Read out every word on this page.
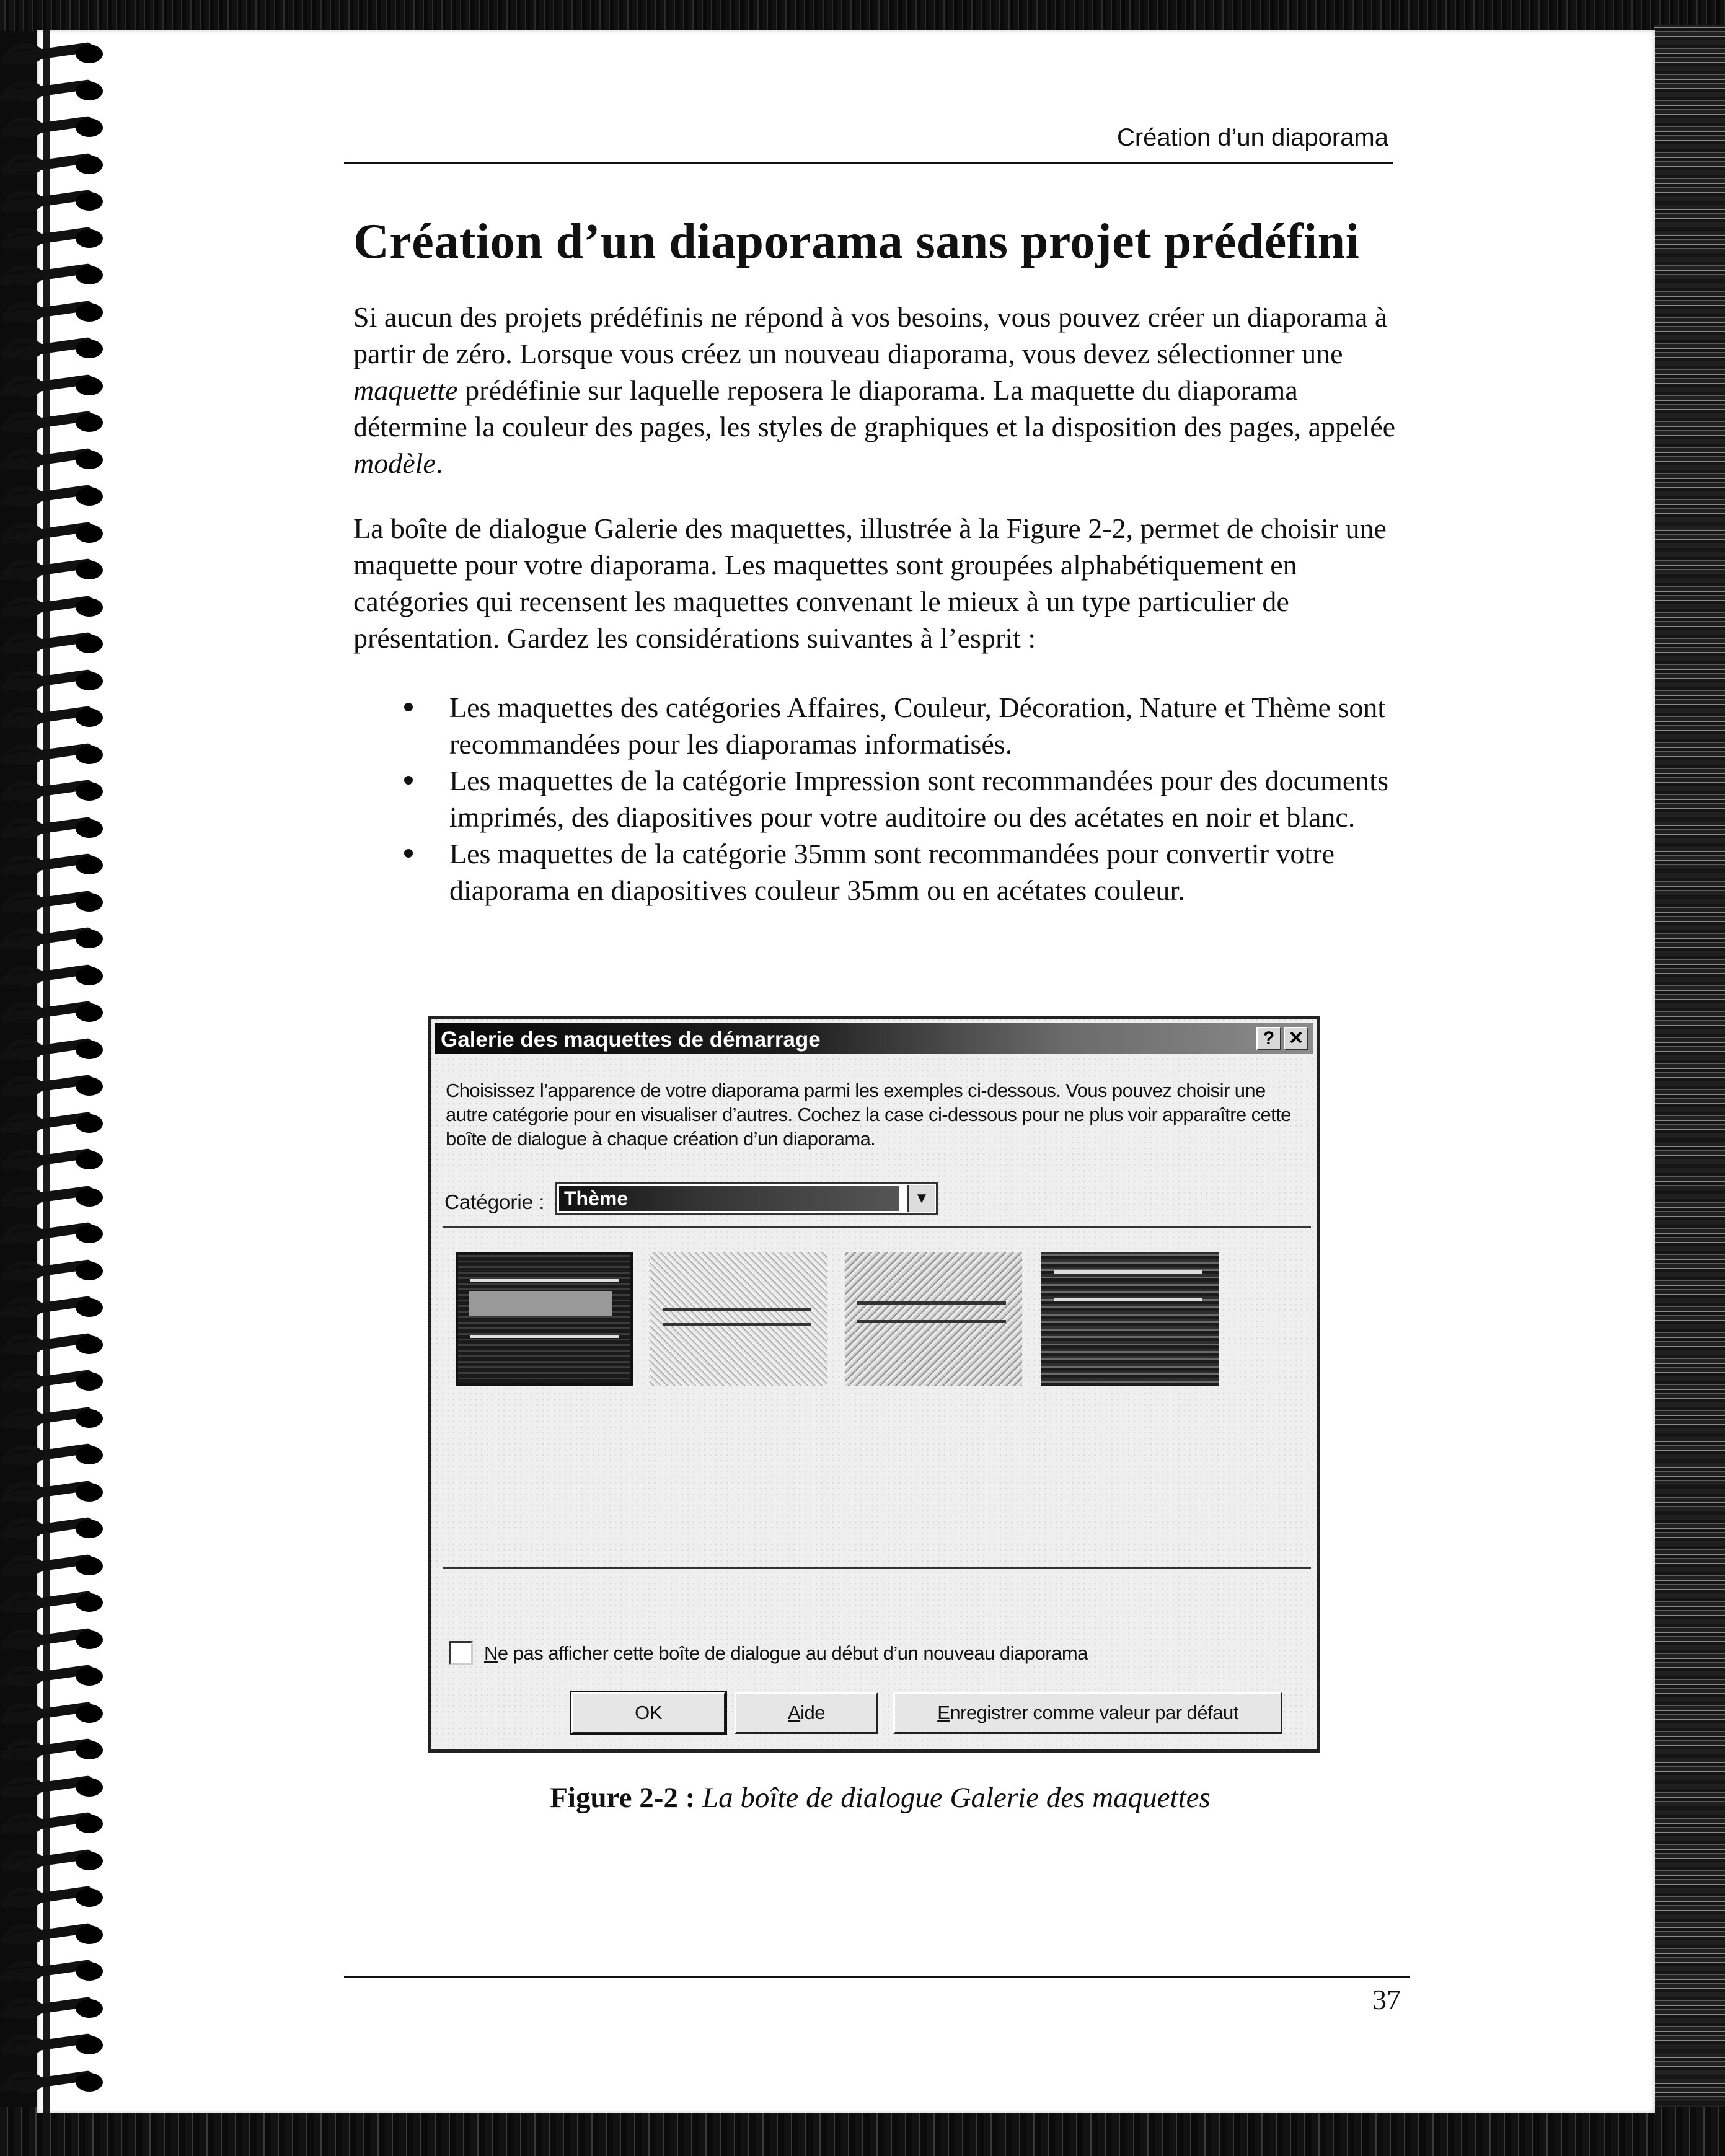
Création d’un diaporama
Création d’un diaporama sans projet prédéfini
Si aucun des projets prédéfinis ne répond à vos besoins, vous pouvez créer un diaporama à partir de zéro. Lorsque vous créez un nouveau diaporama, vous devez sélectionner une maquette prédéfinie sur laquelle reposera le diaporama. La maquette du diaporama détermine la couleur des pages, les styles de graphiques et la disposition des pages, appelée modèle.
La boîte de dialogue Galerie des maquettes, illustrée à la Figure 2-2, permet de choisir une maquette pour votre diaporama. Les maquettes sont groupées alphabétiquement en catégories qui recensent les maquettes convenant le mieux à un type particulier de présentation. Gardez les considérations suivantes à l’esprit :
Les maquettes des catégories Affaires, Couleur, Décoration, Nature et Thème sont recommandées pour les diaporamas informatisés.
Les maquettes de la catégorie Impression sont recommandées pour des documents imprimés, des diapositives pour votre auditoire ou des acétates en noir et blanc.
Les maquettes de la catégorie 35mm sont recommandées pour convertir votre diaporama en diapositives couleur 35mm ou en acétates couleur.
Galerie des maquettes de démarrage	? ✕
Choisissez l’apparence de votre diaporama parmi les exemples ci-dessous. Vous pouvez choisir une autre catégorie pour en visualiser d’autres. Cochez la case ci-dessous pour ne plus voir apparaître cette boîte de dialogue à chaque création d’un diaporama.
Catégorie : Thème	▼
Ne pas afficher cette boîte de dialogue au début d’un nouveau diaporama
OK	Aide	Enregistrer comme valeur par défaut
Figure 2-2 : La boîte de dialogue Galerie des maquettes
37
